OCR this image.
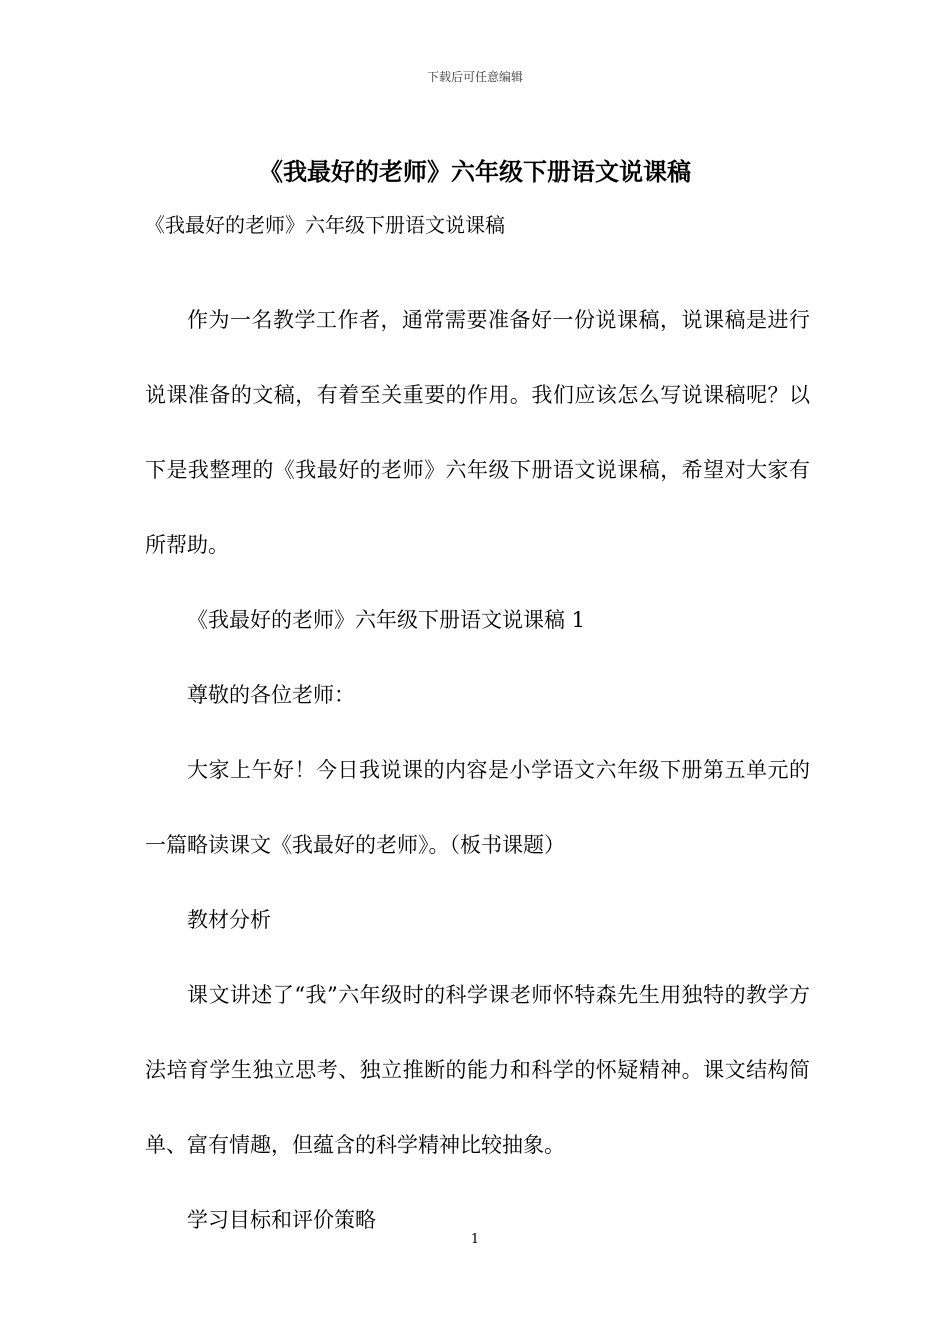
下载后可任意编辑
《我最好的老师》六年级下册语文说课稿

《我最好的老师》六年级下册语文说课稿

作为一名教学工作者，通常需要准备好一份说课稿，说课稿是进行说课准备的文稿，有着至关重要的作用。我们应该怎么写说课稿呢？以下是我整理的《我最好的老师》六年级下册语文说课稿，希望对大家有所帮助。

《我最好的老师》六年级下册语文说课稿 1

尊敬的各位老师：

大家上午好！今日我说课的内容是小学语文六年级下册第五单元的一篇略读课文《我最好的老师》。（板书课题）

教材分析

课文讲述了“我”六年级时的科学课老师怀特森先生用独特的教学方法培育学生独立思考、独立推断的能力和科学的怀疑精神。课文结构简单、富有情趣，但蕴含的科学精神比较抽象。

学习目标和评价策略

1
